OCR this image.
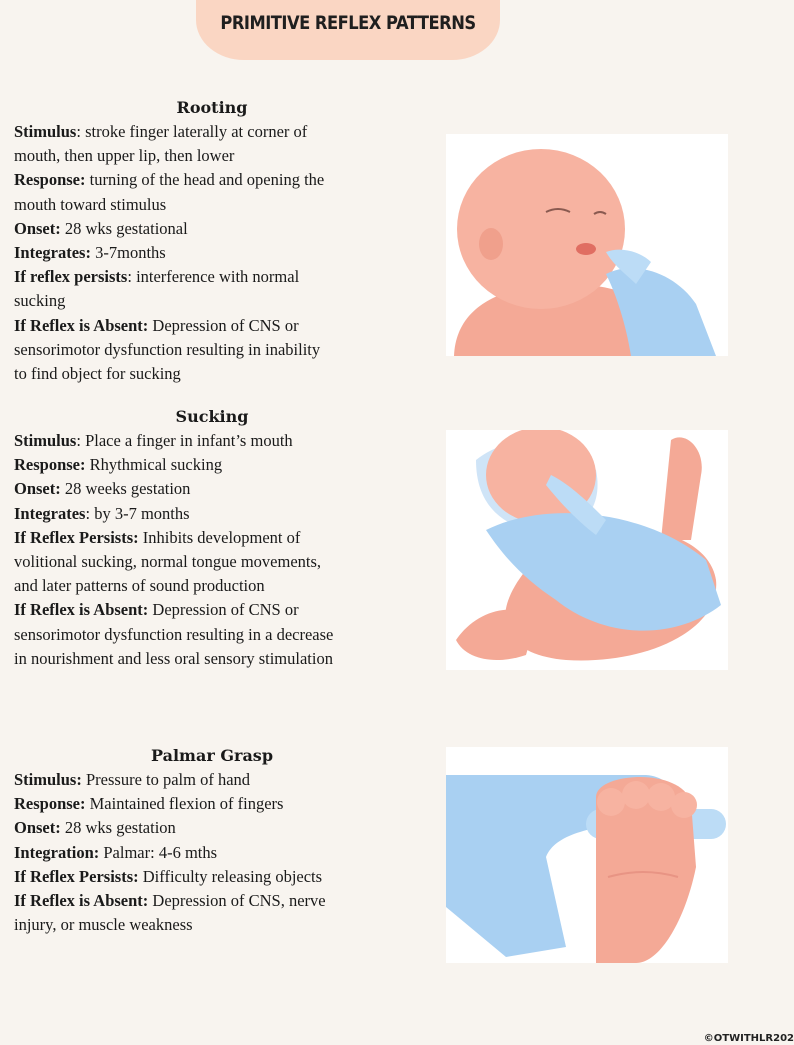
PRIMITIVE REFLEX PATTERNS
Rooting

Stimulus: stroke finger laterally at corner of

mouth, then upper lip, then lower

Response: turning of the head and opening the

mouth toward stimulus

Onset: 28 wks gestational

Integrates: 3-7months

If reflex persists: interference with normal

sucking

If Reflex is Absent: Depression of CNS or

sensorimotor dysfunction resulting in inability

to find object for sucking

Sucking

Stimulus: Place a finger in infant’s mouth

Response: Rhythmical sucking

Onset: 28 weeks gestation

Integrates: by 3-7 months

If Reflex Persists: Inhibits development of

volitional sucking, normal tongue movements,

and later patterns of sound production

If Reflex is Absent: Depression of CNS or

sensorimotor dysfunction resulting in a decrease

in nourishment and less oral sensory stimulation

Palmar Grasp

Stimulus: Pressure to palm of hand

Response: Maintained flexion of fingers

Onset: 28 wks gestation

Integration: Palmar: 4-6 mths

If Reflex Persists: Difficulty releasing objects

If Reflex is Absent: Depression of CNS, nerve

injury, or muscle weakness

©OTWITHLR202
